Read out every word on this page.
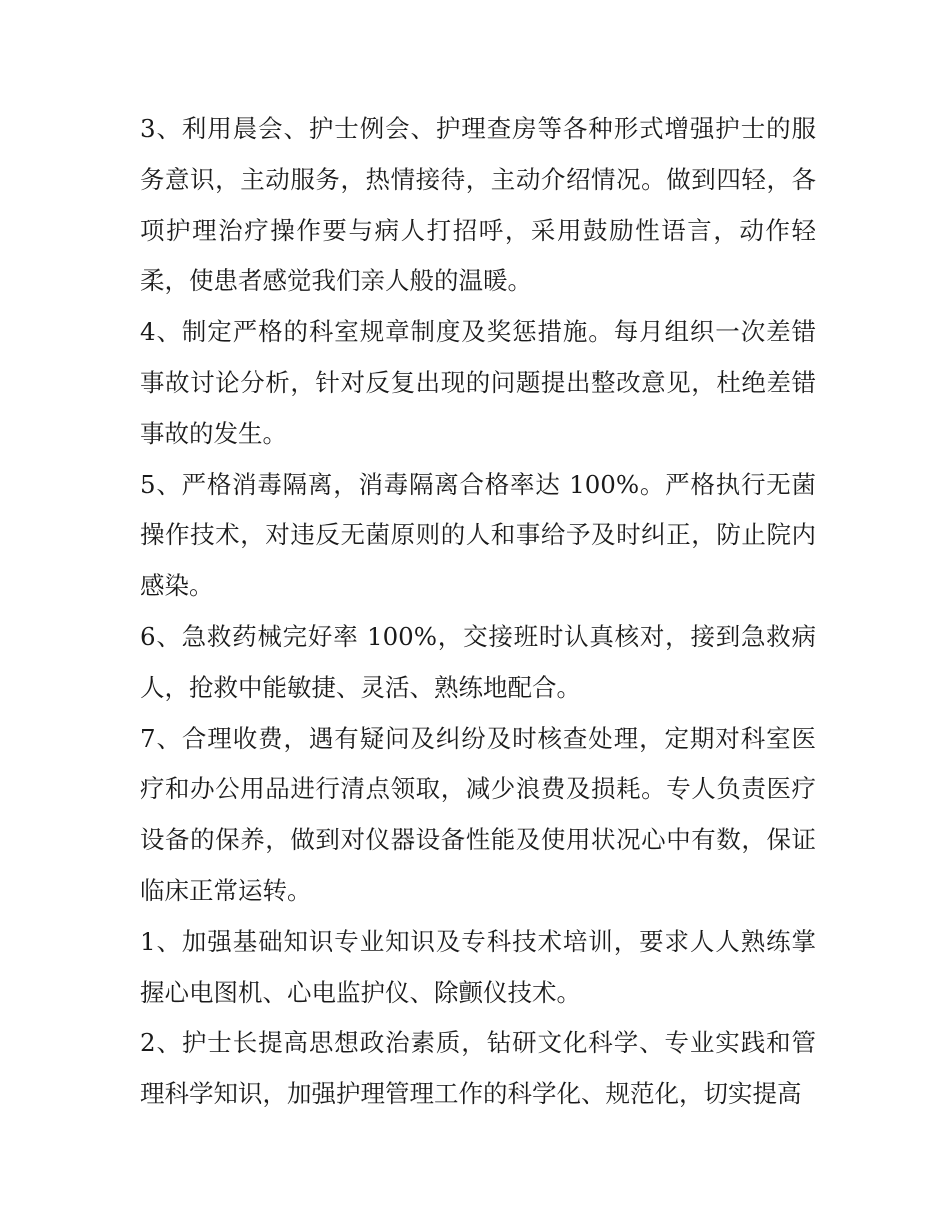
3、利用晨会、护士例会、护理查房等各种形式增强护士的服务意识，主动服务，热情接待，主动介绍情况。做到四轻，各项护理治疗操作要与病人打招呼，采用鼓励性语言，动作轻柔，使患者感觉我们亲人般的温暖。

4、制定严格的科室规章制度及奖惩措施。每月组织一次差错事故讨论分析，针对反复出现的问题提出整改意见，杜绝差错事故的发生。

5、严格消毒隔离，消毒隔离合格率达 100%。严格执行无菌操作技术，对违反无菌原则的人和事给予及时纠正，防止院内感染。

6、急救药械完好率 100%，交接班时认真核对，接到急救病人，抢救中能敏捷、灵活、熟练地配合。

7、合理收费，遇有疑问及纠纷及时核查处理，定期对科室医疗和办公用品进行清点领取，减少浪费及损耗。专人负责医疗设备的保养，做到对仪器设备性能及使用状况心中有数，保证临床正常运转。

1、加强基础知识专业知识及专科技术培训，要求人人熟练掌握心电图机、心电监护仪、除颤仪技术。

2、护士长提高思想政治素质，钻研文化科学、专业实践和管理科学知识，加强护理管理工作的科学化、规范化，切实提高
